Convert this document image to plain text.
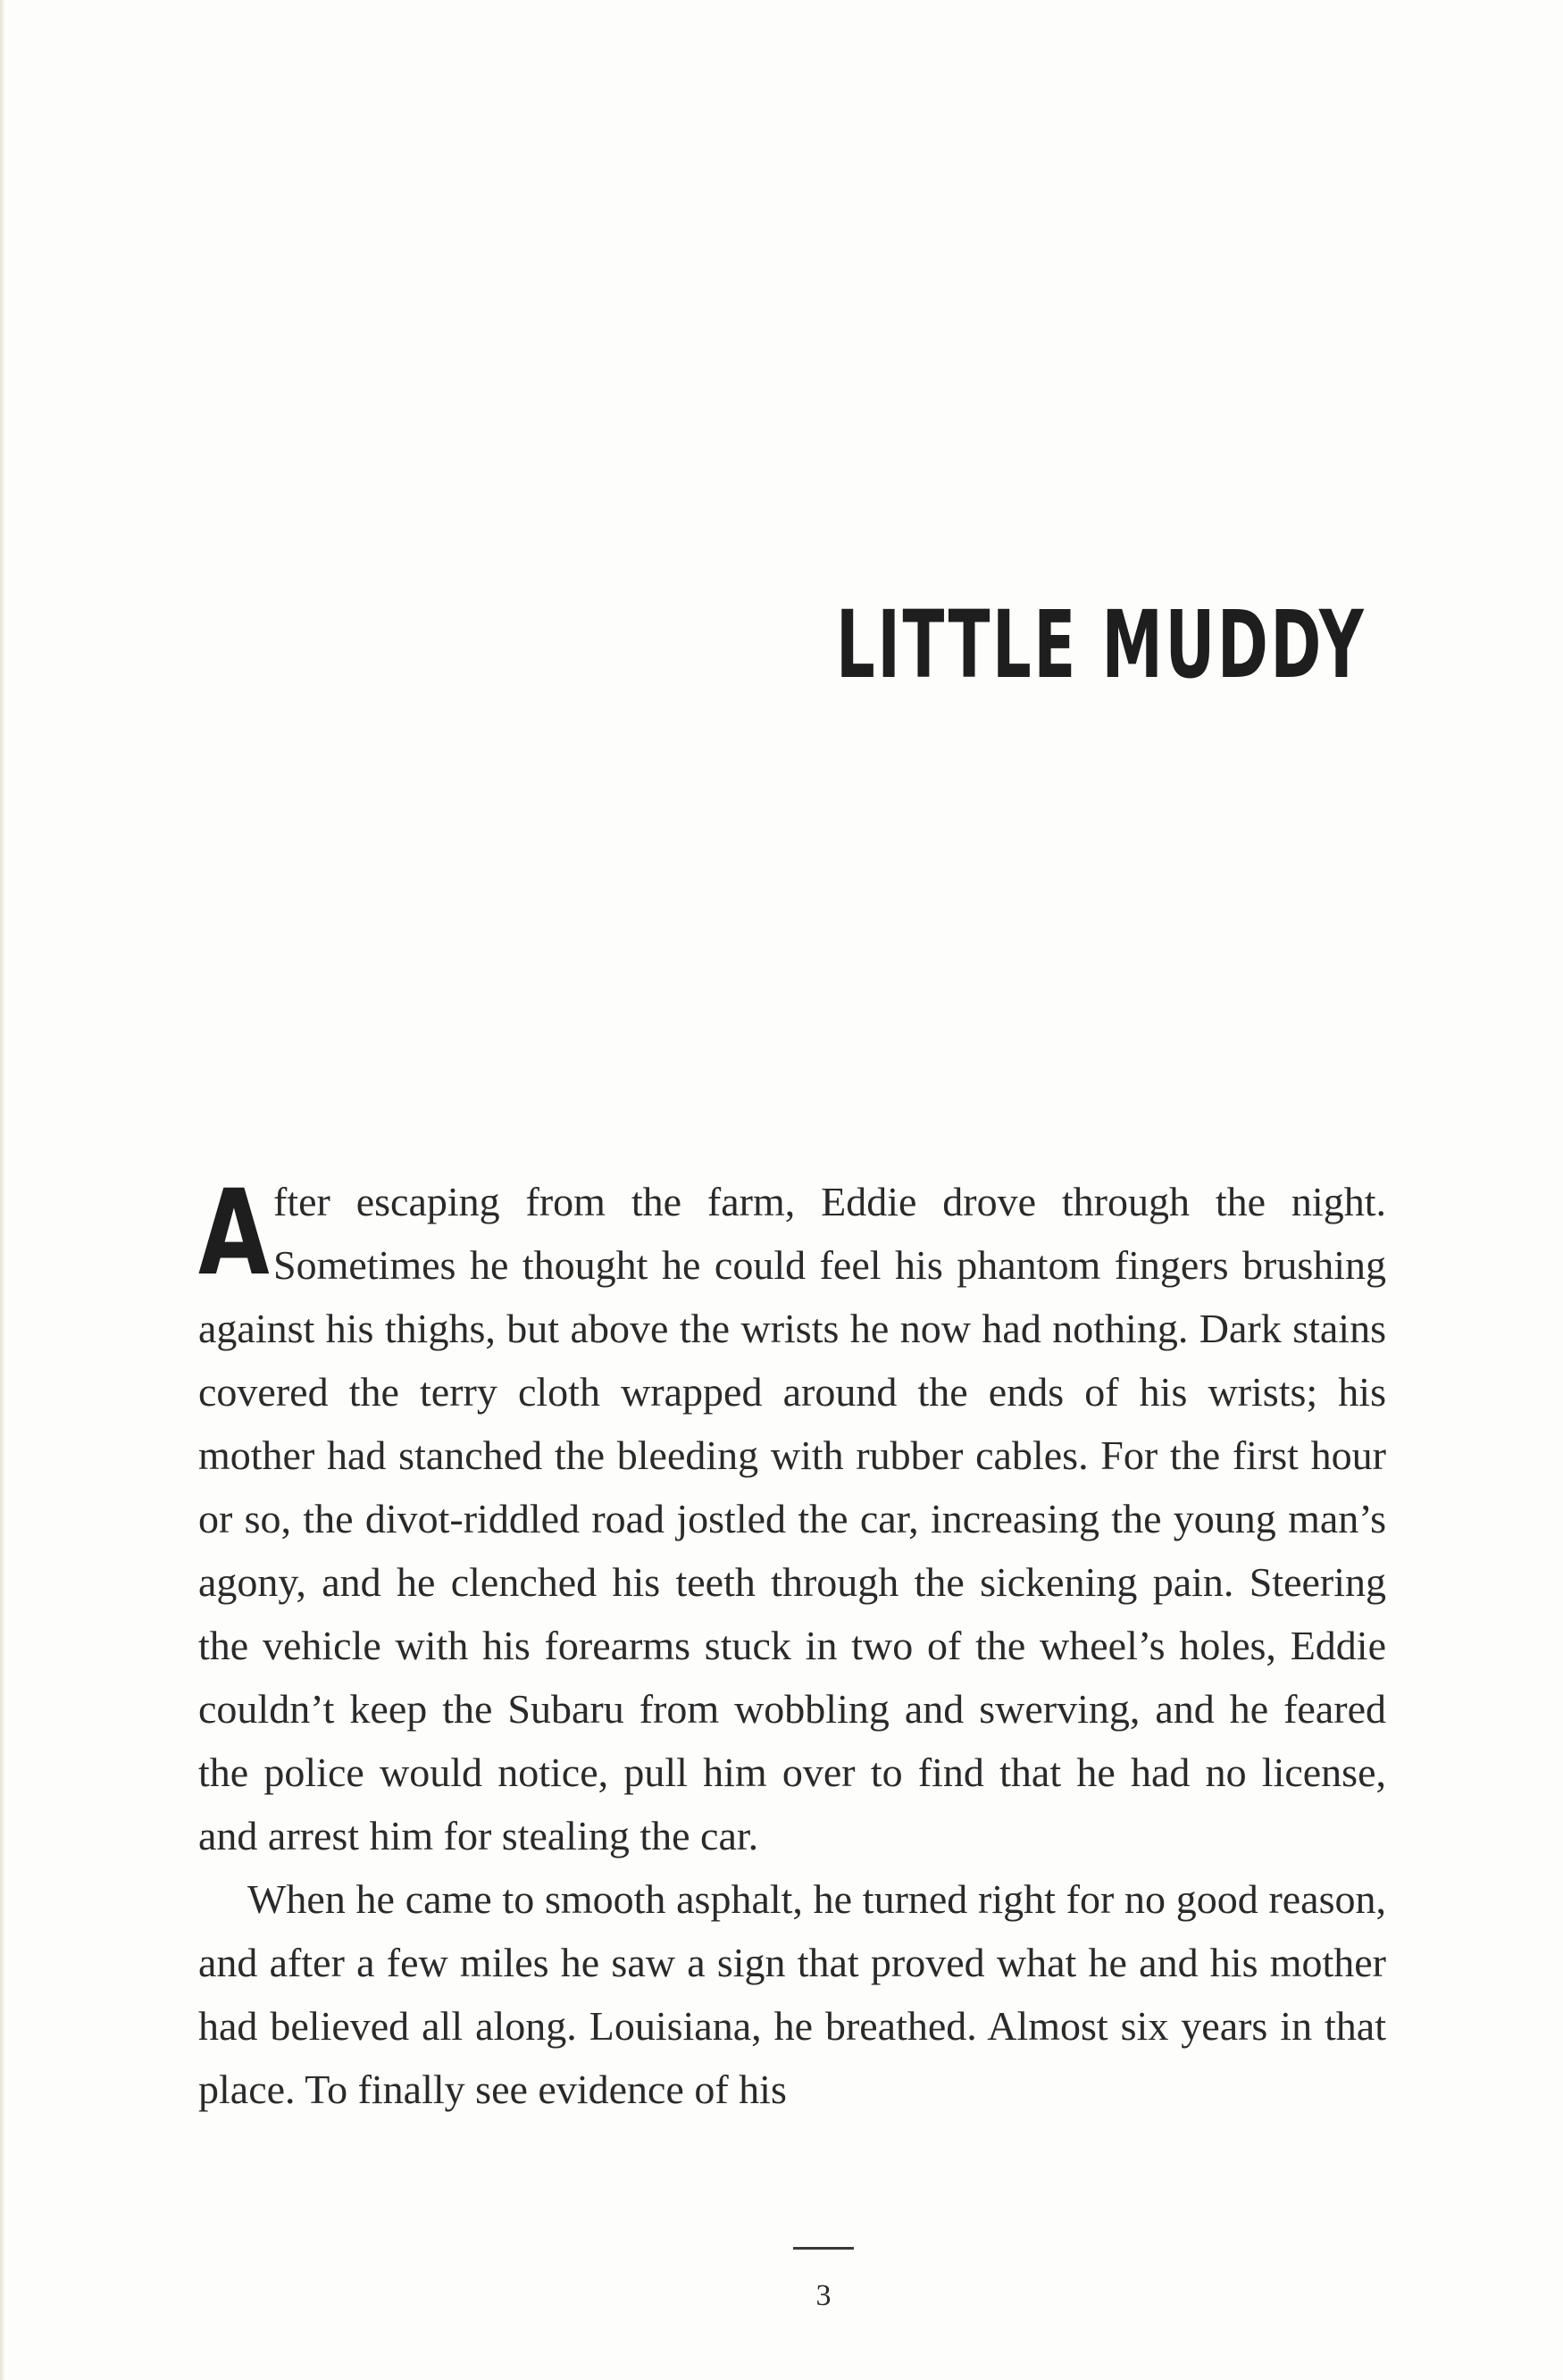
LITTLE MUDDY

After escaping from the farm, Eddie drove through the night. Sometimes he thought he could feel his phantom fingers brushing against his thighs, but above the wrists he now had nothing. Dark stains covered the terry cloth wrapped around the ends of his wrists; his mother had stanched the bleeding with rubber cables. For the first hour or so, the divot-riddled road jostled the car, increasing the young man’s agony, and he clenched his teeth through the sickening pain. Steering the vehicle with his forearms stuck in two of the wheel’s holes, Eddie couldn’t keep the Subaru from wobbling and swerving, and he feared the police would notice, pull him over to find that he had no license, and arrest him for stealing the car.

When he came to smooth asphalt, he turned right for no good reason, and after a few miles he saw a sign that proved what he and his mother had believed all along. Louisiana, he breathed. Almost six years in that place. To finally see evidence of his

3
